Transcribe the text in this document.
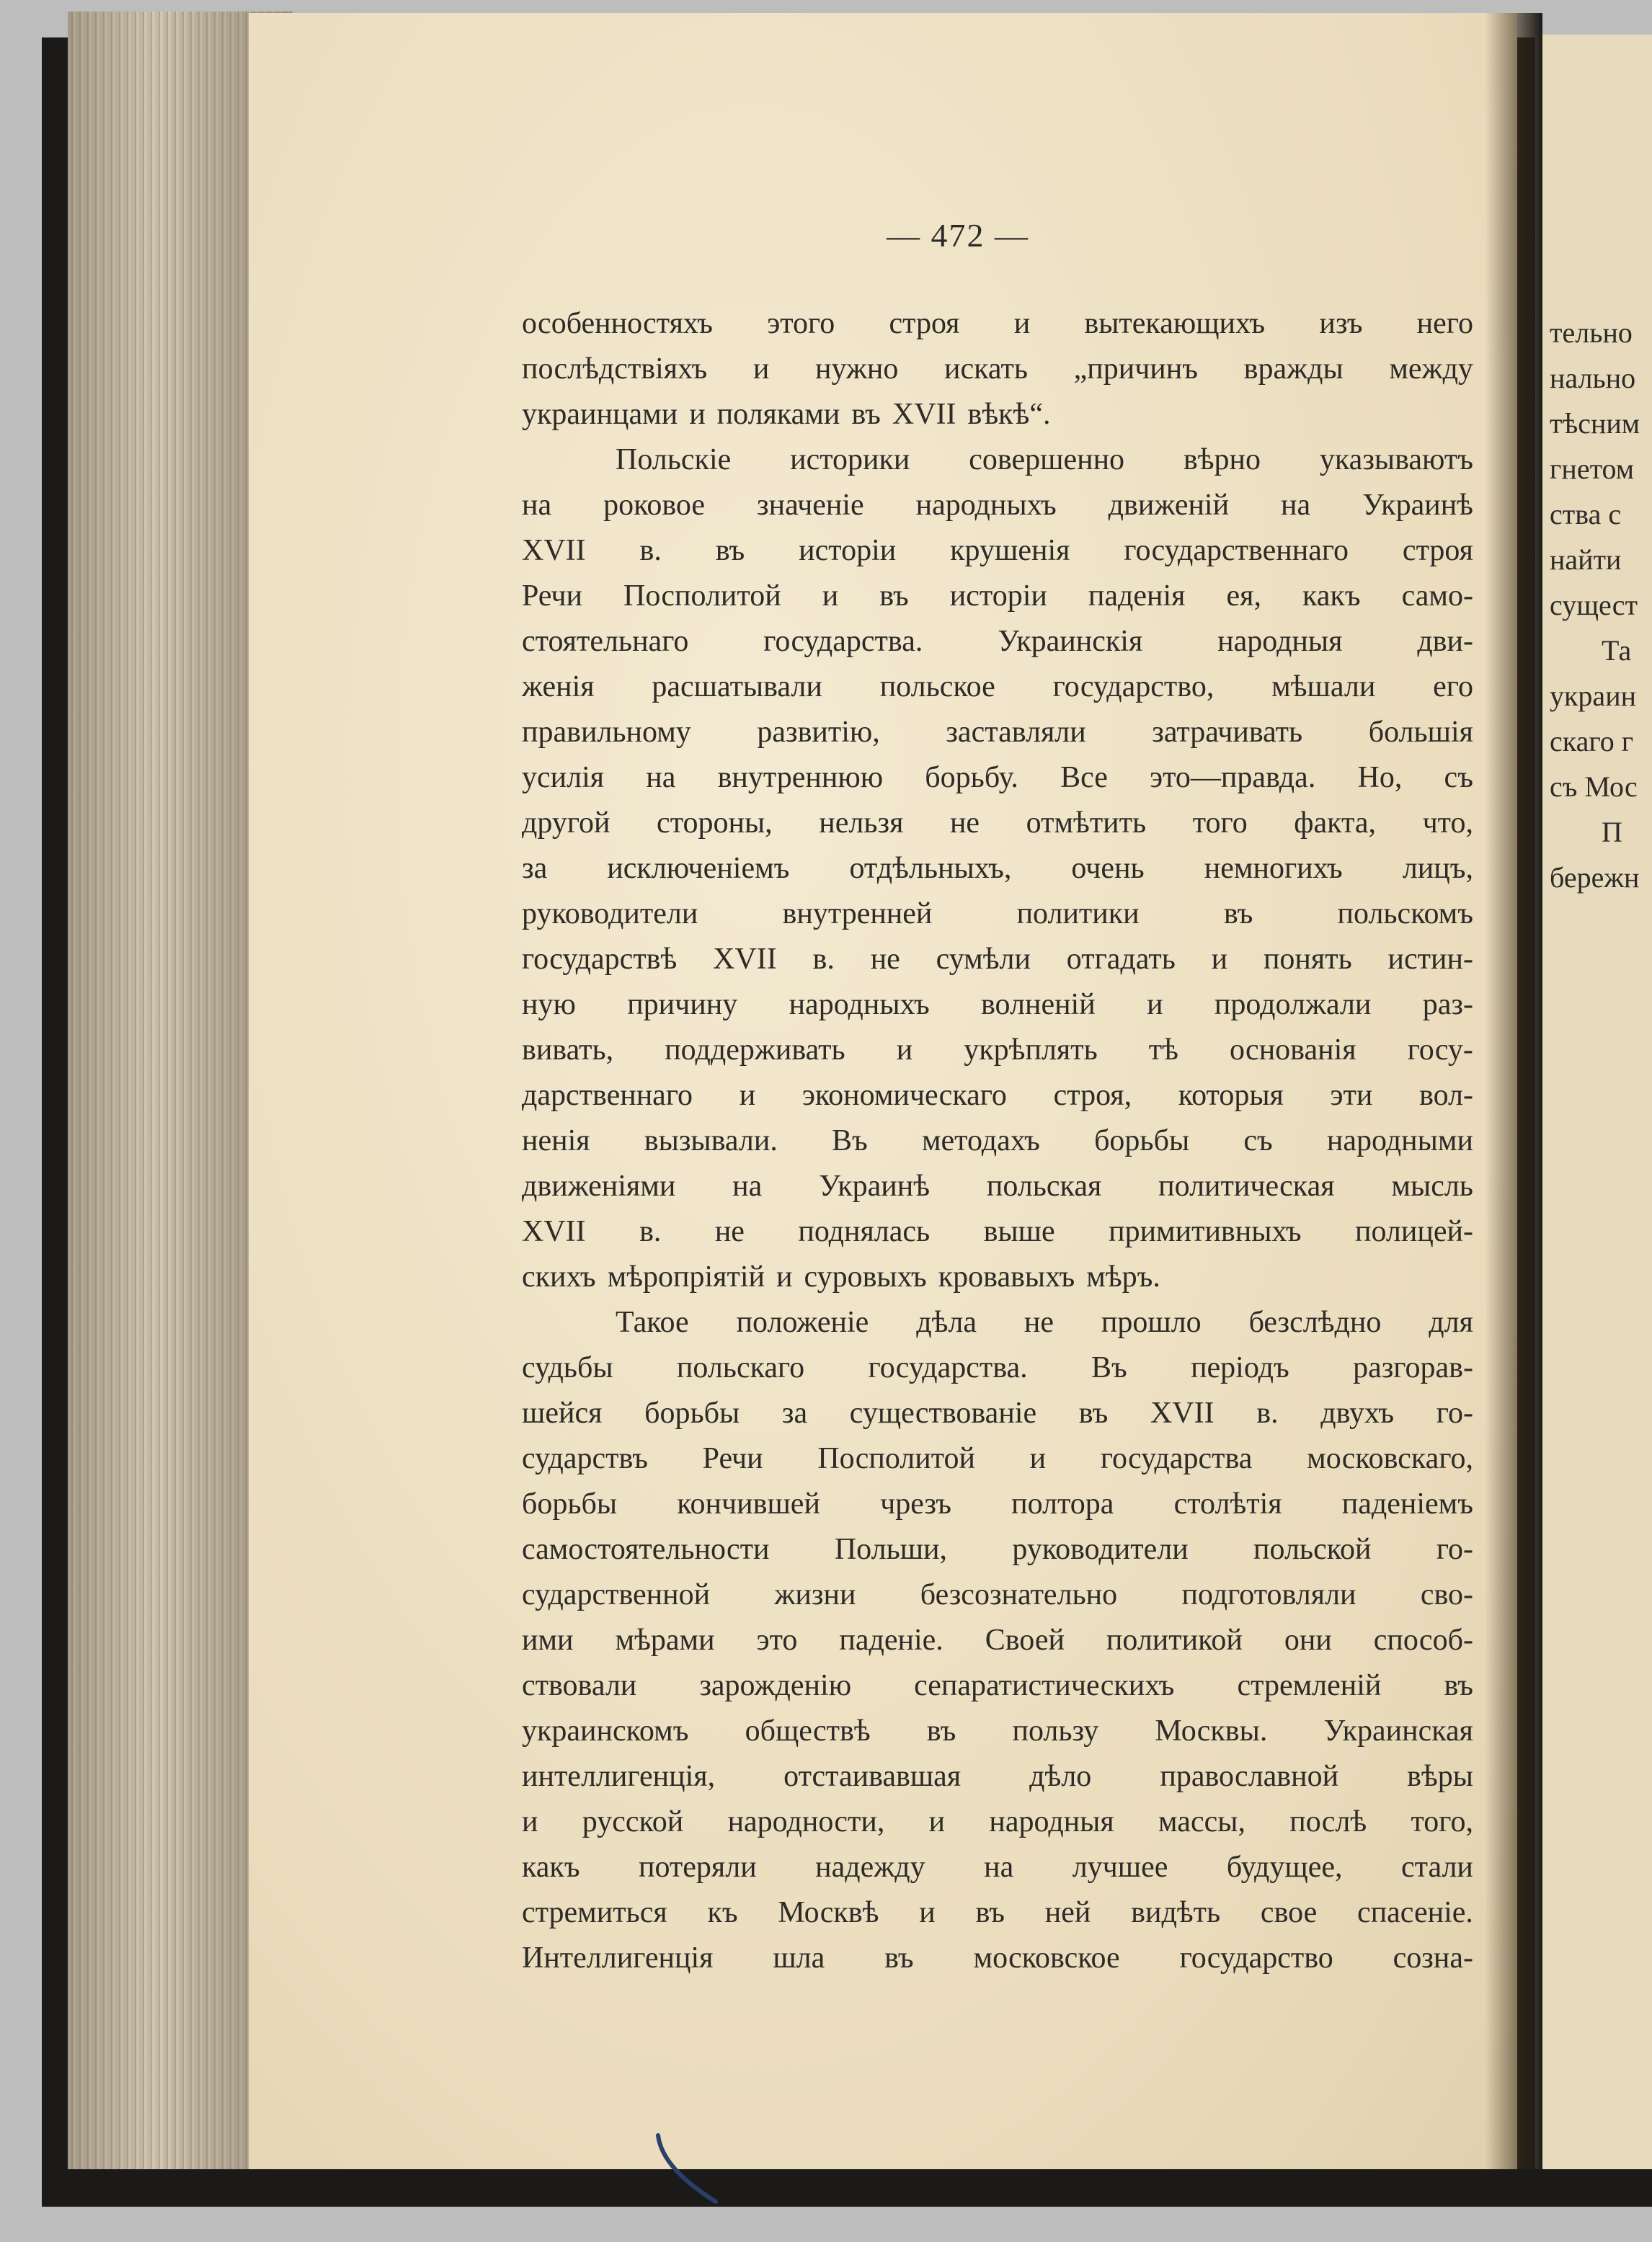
— 472 —
особенностяхъ этого строя и вытекающихъ изъ него
послѣдствіяхъ и нужно искать „причинъ вражды между
украинцами и поляками въ XVII вѣкѣ“.
Польскіе историки совершенно вѣрно указываютъ
на роковое значеніе народныхъ движеній на Украинѣ
XVII в. въ исторіи крушенія государственнаго строя
Речи Посполитой и въ исторіи паденія ея, какъ само-
стоятельнаго государства. Украинскія народныя дви-
женія расшатывали польское государство, мѣшали его
правильному развитію, заставляли затрачивать большія
усилія на внутреннюю борьбу. Все это—правда. Но, съ
другой стороны, нельзя не отмѣтить того факта, что,
за исключеніемъ отдѣльныхъ, очень немногихъ лицъ,
руководители	внутренней	политики	въ	польскомъ
государствѣ XVII в. не сумѣли отгадать и понять истин-
ную причину народныхъ волненій и продолжали раз-
вивать, поддерживать и укрѣплять тѣ основанія госу-
дарственнаго и экономическаго строя, которыя эти вол-
ненія вызывали. Въ методахъ борьбы съ народными
движеніями на Украинѣ польская политическая мысль
XVII в. не поднялась выше примитивныхъ полицей-
скихъ мѣропріятій и суровыхъ кровавыхъ мѣръ.
Такое положеніе дѣла не прошло безслѣдно для
судьбы польскаго государства. Въ періодъ разгорав-
шейся борьбы за существованіе въ XVII в. двухъ го-
сударствъ Речи Посполитой и государства московскаго,
борьбы кончившей чрезъ полтора столѣтія паденіемъ
самостоятельности Польши, руководители польской го-
сударственной жизни безсознательно подготовляли сво-
ими мѣрами это паденіе. Своей политикой они способ-
ствовали зарожденію сепаратистическихъ стремленій въ
украинскомъ обществѣ въ пользу Москвы. Украинская
интеллигенція, отстаивавшая дѣло православной вѣры
и русской народности, и народныя массы, послѣ того,
какъ потеряли надежду на лучшее будущее, стали
стремиться къ Москвѣ и въ ней видѣть свое спасеніе.
Интеллигенція шла въ московское государство созна-
тельно
нально
тѣсним
гнетом
ства с
найти
сущест
Та
украин
скаго г
съ Мос
П
бережн
